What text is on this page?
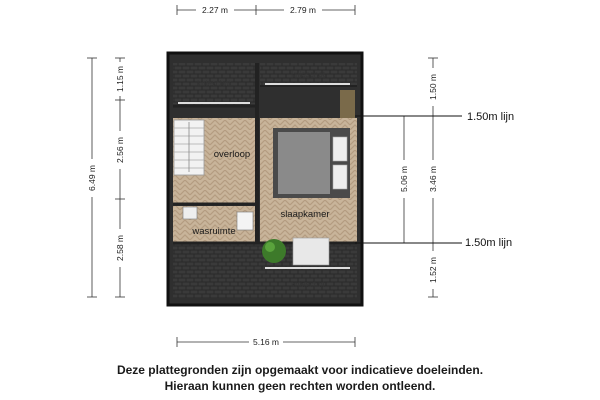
2.27 m	2.79 m
6.49 m
1.15 m
2.56 m
2.58 m
knieschot
knieschot
knieschot
overloop
slaapkamer
wasruimte
5.06 m
1.50 m
3.46 m
1.52 m
1.50m lijn
1.50m lijn
5.16 m
Deze plattegronden zijn opgemaakt voor indicatieve doeleinden.
Hieraan kunnen geen rechten worden ontleend.
